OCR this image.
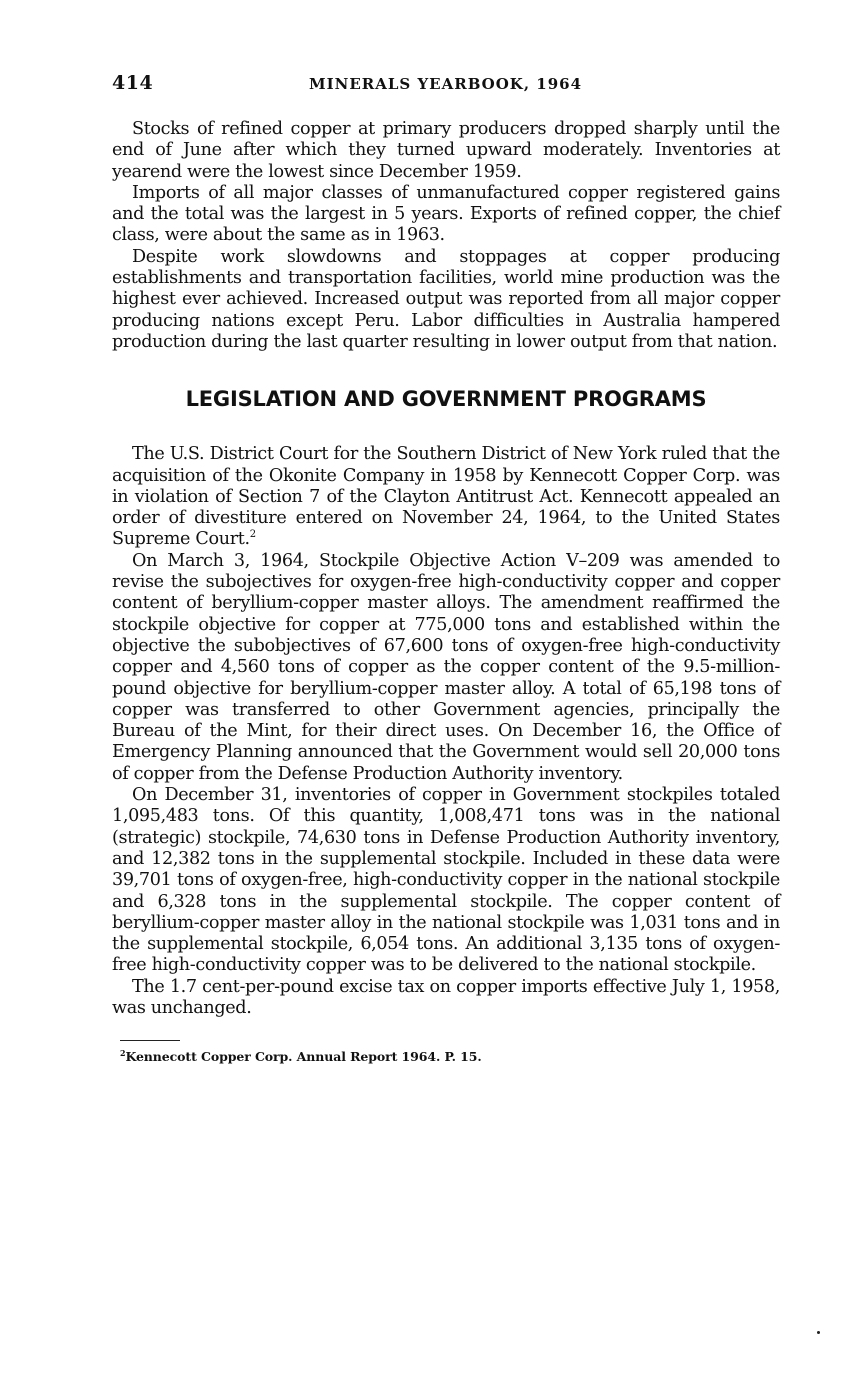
414	MINERALS YEARBOOK, 1964

Stocks of refined copper at primary producers dropped sharply until the end of June after which they turned upward moderately. Inventories at yearend were the lowest since December 1959.

Imports of all major classes of unmanufactured copper registered gains and the total was the largest in 5 years. Exports of refined copper, the chief class, were about the same as in 1963.

Despite work slowdowns and stoppages at copper producing establishments and transportation facilities, world mine production was the highest ever achieved. Increased output was reported from all major copper producing nations except Peru. Labor difficulties in Australia hampered production during the last quarter resulting in lower output from that nation.

LEGISLATION AND GOVERNMENT PROGRAMS

The U.S. District Court for the Southern District of New York ruled that the acquisition of the Okonite Company in 1958 by Kennecott Copper Corp. was in violation of Section 7 of the Clayton Antitrust Act. Kennecott appealed an order of divestiture entered on November 24, 1964, to the United States Supreme Court.$^2$

On March 3, 1964, Stockpile Objective Action V–209 was amended to revise the subojectives for oxygen-free high-conductivity copper and copper content of beryllium-copper master alloys. The amendment reaffirmed the stockpile objective for copper at 775,000 tons and established within the objective the subobjectives of 67,600 tons of oxygen-free high-conductivity copper and 4,560 tons of copper as the copper content of the 9.5-million-pound objective for beryllium-copper master alloy. A total of 65,198 tons of copper was transferred to other Government agencies, principally the Bureau of the Mint, for their direct uses. On December 16, the Office of Emergency Planning announced that the Government would sell 20,000 tons of copper from the Defense Production Authority inventory.

On December 31, inventories of copper in Government stockpiles totaled 1,095,483 tons. Of this quantity, 1,008,471 tons was in the national (strategic) stockpile, 74,630 tons in Defense Production Authority inventory, and 12,382 tons in the supplemental stockpile. Included in these data were 39,701 tons of oxygen-free, high-conductivity copper in the national stockpile and 6,328 tons in the supplemental stockpile. The copper content of beryllium-copper master alloy in the national stockpile was 1,031 tons and in the supplemental stockpile, 6,054 tons. An additional 3,135 tons of oxygen-free high-conductivity copper was to be delivered to the national stockpile.

The 1.7 cent-per-pound excise tax on copper imports effective July 1, 1958, was unchanged.

$^2$Kennecott Copper Corp. Annual Report 1964. P. 15.
